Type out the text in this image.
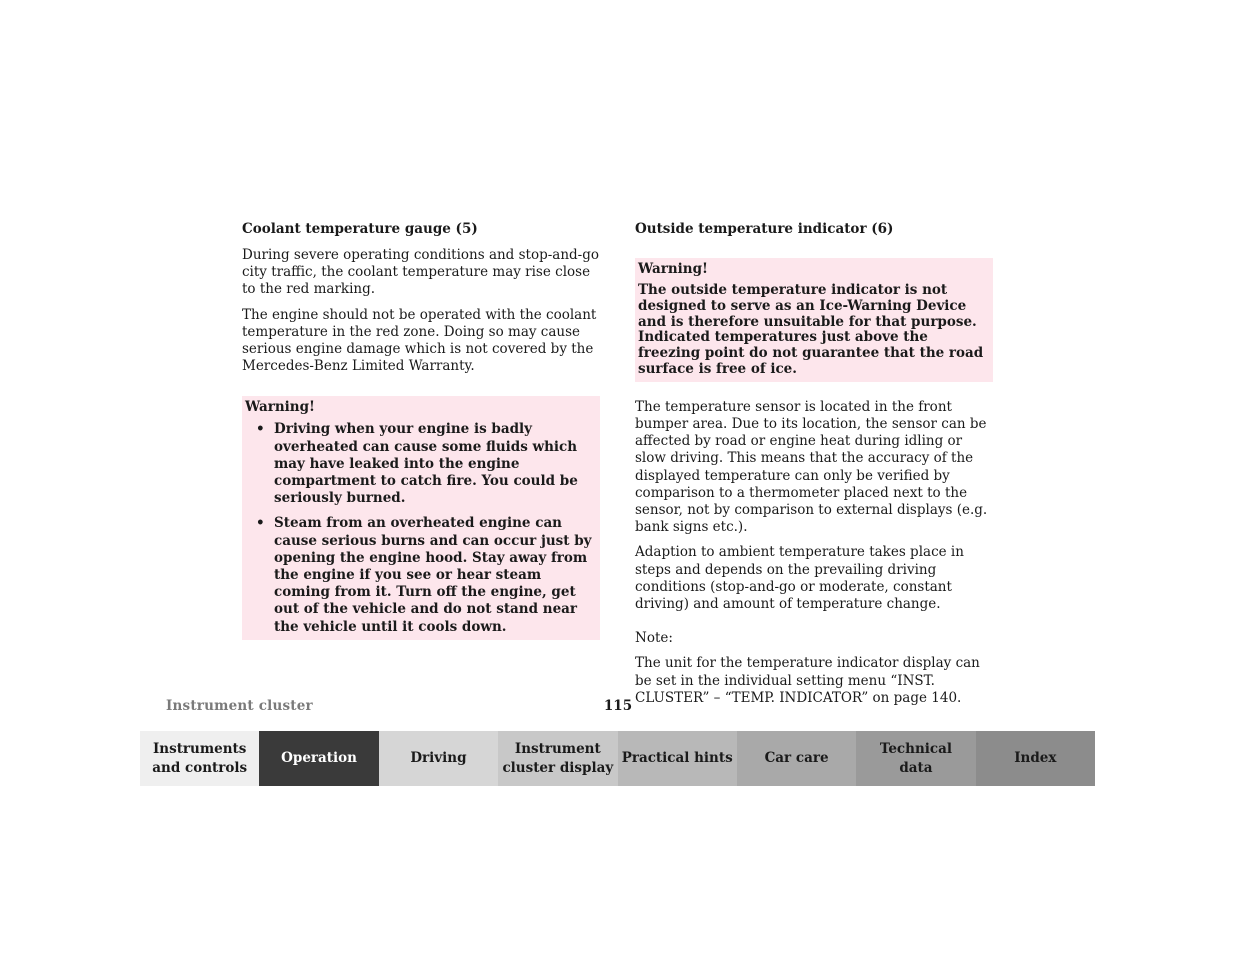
Coolant temperature gauge (5)

During severe operating conditions and stop-and-go city traffic, the coolant temperature may rise close to the red marking.

The engine should not be operated with the coolant temperature in the red zone. Doing so may cause serious engine damage which is not covered by the Mercedes-Benz Limited Warranty.

Warning!
• Driving when your engine is badly overheated can cause some fluids which may have leaked into the engine compartment to catch fire. You could be seriously burned.
• Steam from an overheated engine can cause serious burns and can occur just by opening the engine hood. Stay away from the engine if you see or hear steam coming from it. Turn off the engine, get out of the vehicle and do not stand near the vehicle until it cools down.
Outside temperature indicator (6)
Warning!

The outside temperature indicator is not designed to serve as an Ice-Warning Device and is therefore unsuitable for that purpose. Indicated temperatures just above the freezing point do not guarantee that the road surface is free of ice.

The temperature sensor is located in the front bumper area. Due to its location, the sensor can be affected by road or engine heat during idling or slow driving. This means that the accuracy of the displayed temperature can only be verified by comparison to a thermometer placed next to the sensor, not by comparison to external displays (e.g. bank signs etc.).

Adaption to ambient temperature takes place in steps and depends on the prevailing driving conditions (stop-and-go or moderate, constant driving) and amount of temperature change.

Note:

The unit for the temperature indicator display can be set in the individual setting menu “INST. CLUSTER” – “TEMP. INDICATOR” on page 140.

Instrument cluster	115
Instruments
and controls
Operation	Driving
Instrument
cluster display
Practical hints	Car care
Technical
data
Index
